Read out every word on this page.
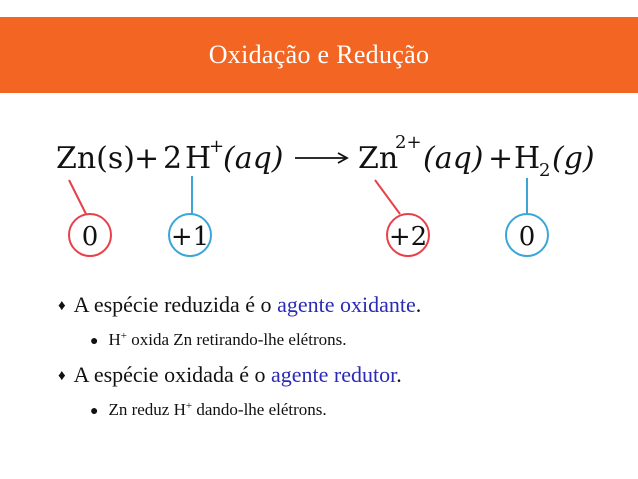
Oxidação e Redução
Zn(s) + 2 H
+
(aq) Zn
2+ (aq) + H
2 (g)
0	+1	+2	0
♦ A espécie reduzida é o agente oxidante.
● H+ oxida Zn retirando-lhe elétrons.
♦ A espécie oxidada é o agente redutor.
● Zn reduz H+ dando-lhe elétrons.
